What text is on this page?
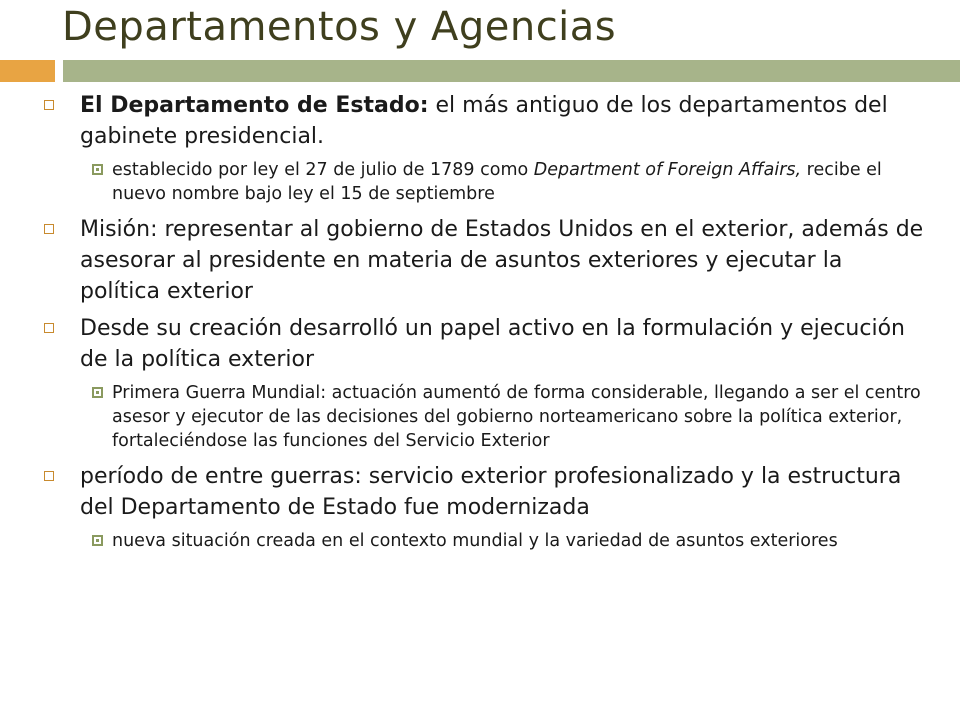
Departamentos y Agencias
El Departamento de Estado: el más antiguo de los departamentos del gabinete presidencial.
establecido por ley el 27 de julio de 1789 como Department of Foreign Affairs, recibe el nuevo nombre bajo ley el 15 de septiembre
Misión: representar al gobierno de Estados Unidos en el exterior, además de asesorar al presidente en materia de asuntos exteriores y ejecutar la política exterior
Desde su creación desarrolló un papel activo en la formulación y ejecución de la política exterior
Primera Guerra Mundial: actuación aumentó de forma considerable, llegando a ser el centro asesor y ejecutor de las decisiones del gobierno norteamericano sobre la política exterior, fortaleciéndose las funciones del Servicio Exterior
período de entre guerras: servicio exterior profesionalizado y la estructura del Departamento de Estado fue modernizada
nueva situación creada en el contexto mundial y la variedad de asuntos exteriores
